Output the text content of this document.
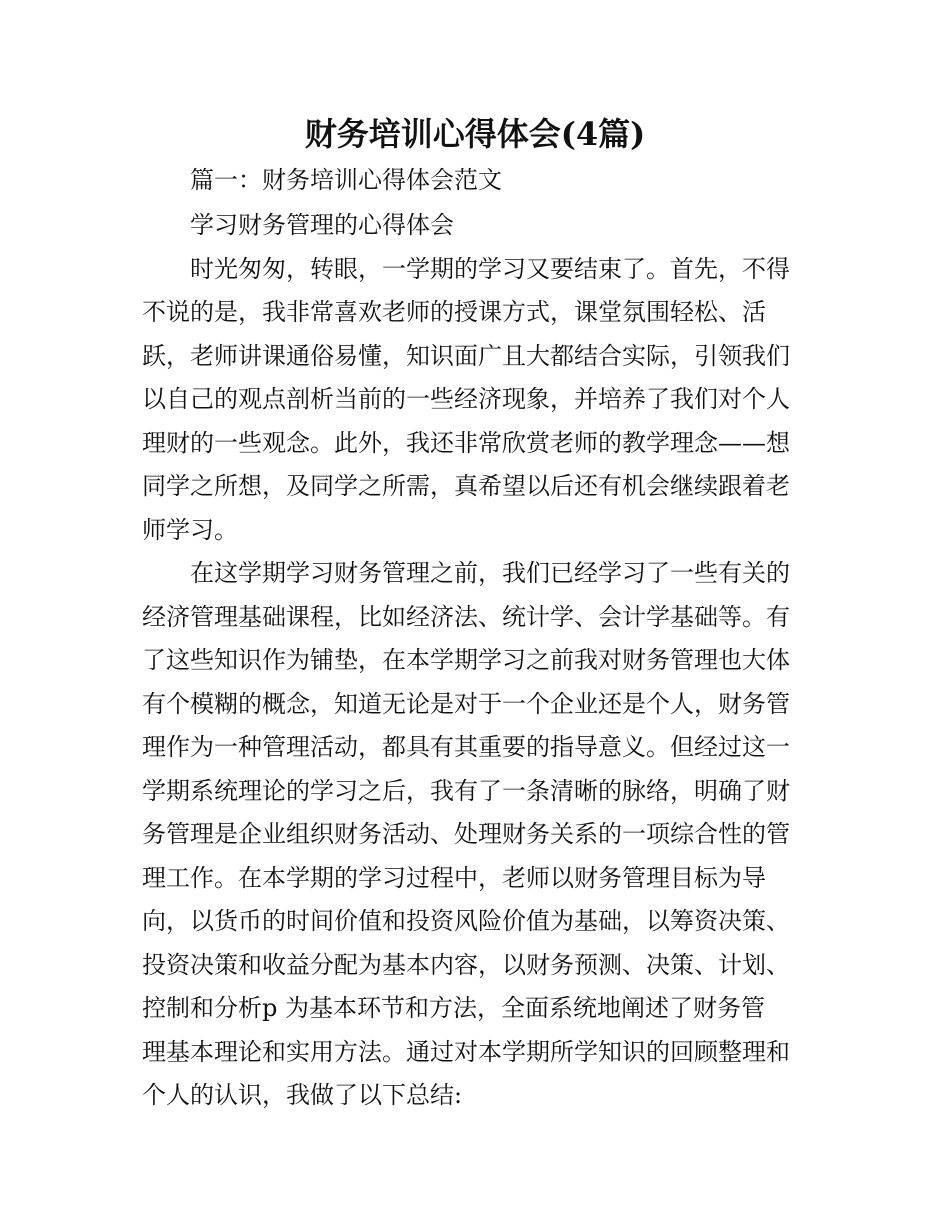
财务培训心得体会(4篇)
篇一：财务培训心得体会范文
学习财务管理的心得体会
时光匆匆，转眼，一学期的学习又要结束了。首先，不得
不说的是，我非常喜欢老师的授课方式，课堂氛围轻松、活
跃，老师讲课通俗易懂，知识面广且大都结合实际，引领我们
以自己的观点剖析当前的一些经济现象，并培养了我们对个人
理财的一些观念。此外，我还非常欣赏老师的教学理念——想
同学之所想，及同学之所需，真希望以后还有机会继续跟着老
师学习。
在这学期学习财务管理之前，我们已经学习了一些有关的
经济管理基础课程，比如经济法、统计学、会计学基础等。有
了这些知识作为铺垫，在本学期学习之前我对财务管理也大体
有个模糊的概念，知道无论是对于一个企业还是个人，财务管
理作为一种管理活动，都具有其重要的指导意义。但经过这一
学期系统理论的学习之后，我有了一条清晰的脉络，明确了财
务管理是企业组织财务活动、处理财务关系的一项综合性的管
理工作。在本学期的学习过程中，老师以财务管理目标为导
向，以货币的时间价值和投资风险价值为基础，以筹资决策、
投资决策和收益分配为基本内容，以财务预测、决策、计划、
控制和分析p 为基本环节和方法，全面系统地阐述了财务管
理基本理论和实用方法。通过对本学期所学知识的回顾整理和
个人的认识，我做了以下总结:
